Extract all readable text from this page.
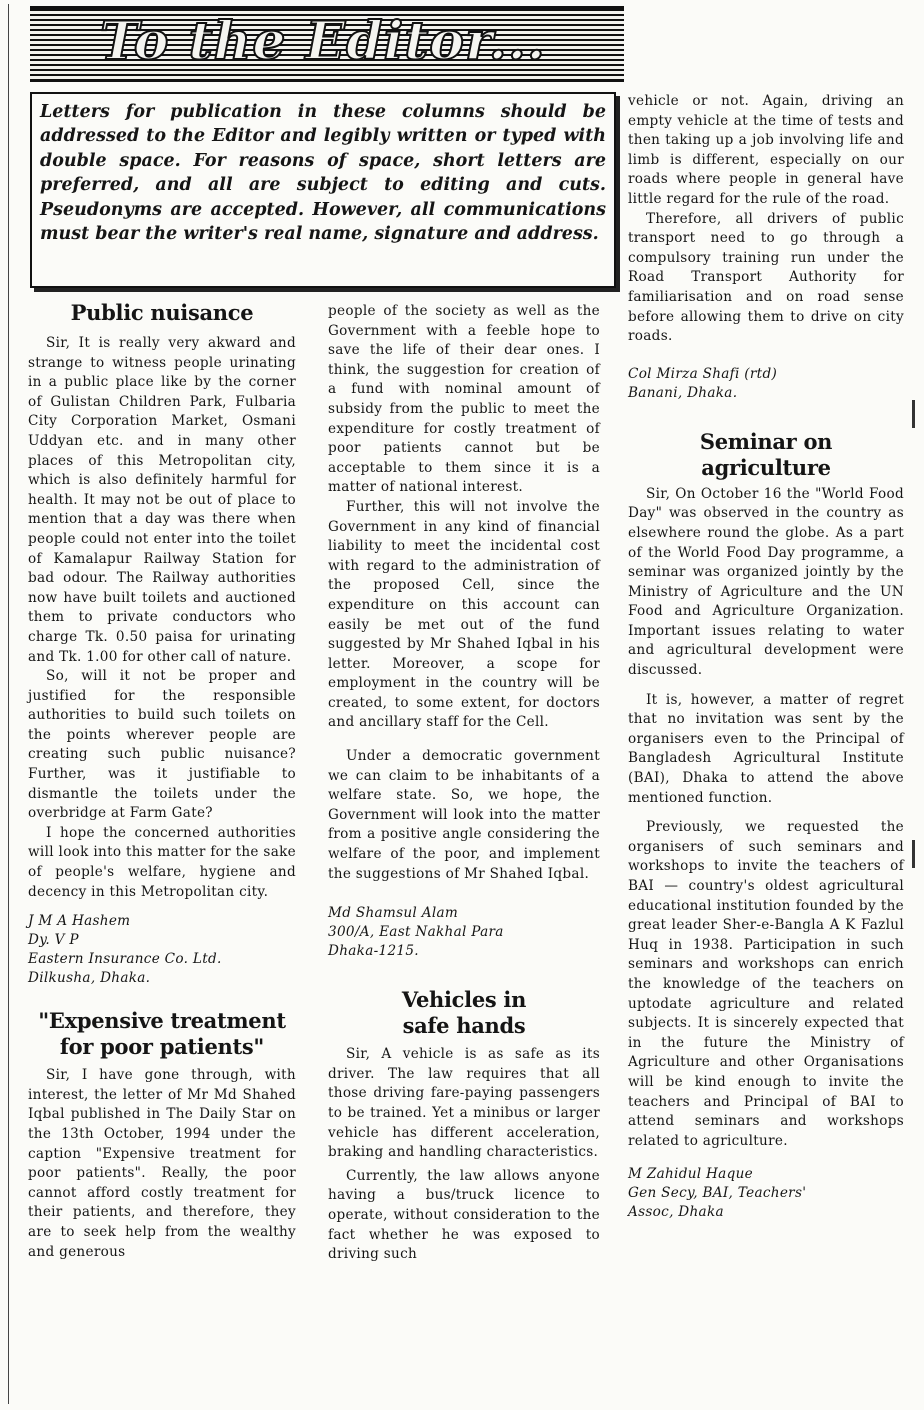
To the Editor...
Letters for publication in these columns should be addressed to the Editor and legibly written or typed with double space. For reasons of space, short letters are preferred, and all are subject to editing and cuts. Pseudonyms are accepted. However, all communications must bear the writer's real name, signature and address.
Public nuisance

Sir, It is really very akward and strange to witness people urinating in a public place like by the corner of Gulistan Children Park, Fulbaria City Corporation Market, Osmani Uddyan etc. and in many other places of this Metropolitan city, which is also definitely harmful for health. It may not be out of place to mention that a day was there when people could not enter into the toilet of Kamalapur Railway Station for bad odour. The Railway authorities now have built toilets and auctioned them to private conductors who charge Tk. 0.50 paisa for urinating and Tk. 1.00 for other call of nature.

So, will it not be proper and justified for the responsible authorities to build such toilets on the points wherever people are creating such public nuisance? Further, was it justifiable to dismantle the toilets under the overbridge at Farm Gate?

I hope the concerned authorities will look into this matter for the sake of people's welfare, hygiene and decency in this Metropolitan city.

J M A Hashem
Dy. V P
Eastern Insurance Co. Ltd.
Dilkusha, Dhaka.
"Expensive treatment for poor patients"

Sir, I have gone through, with interest, the letter of Mr Md Shahed Iqbal published in The Daily Star on the 13th October, 1994 under the caption "Expensive treatment for poor patients". Really, the poor cannot afford costly treatment for their patients, and therefore, they are to seek help from the wealthy and generous

people of the society as well as the Government with a feeble hope to save the life of their dear ones. I think, the suggestion for creation of a fund with nominal amount of subsidy from the public to meet the expenditure for costly treatment of poor patients cannot but be acceptable to them since it is a matter of national interest.

Further, this will not involve the Government in any kind of financial liability to meet the incidental cost with regard to the administration of the proposed Cell, since the expenditure on this account can easily be met out of the fund suggested by Mr Shahed Iqbal in his letter. Moreover, a scope for employment in the country will be created, to some extent, for doctors and ancillary staff for the Cell.

Under a democratic government we can claim to be inhabitants of a welfare state. So, we hope, the Government will look into the matter from a positive angle considering the welfare of the poor, and implement the suggestions of Mr Shahed Iqbal.

Md Shamsul Alam
300/A, East Nakhal Para
Dhaka-1215.
Vehicles in safe hands

Sir, A vehicle is as safe as its driver. The law requires that all those driving fare-paying passengers to be trained. Yet a minibus or larger vehicle has different acceleration, braking and handling characteristics.

Currently, the law allows anyone having a bus/truck licence to operate, without consideration to the fact whether he was exposed to driving such

vehicle or not. Again, driving an empty vehicle at the time of tests and then taking up a job involving life and limb is different, especially on our roads where people in general have little regard for the rule of the road.

Therefore, all drivers of public transport need to go through a compulsory training run under the Road Transport Authority for familiarisation and on road sense before allowing them to drive on city roads.

Col Mirza Shafi (rtd)
Banani, Dhaka.
Seminar on agriculture

Sir, On October 16 the "World Food Day" was observed in the country as elsewhere round the globe. As a part of the World Food Day programme, a seminar was organized jointly by the Ministry of Agriculture and the UN Food and Agriculture Organization. Important issues relating to water and agricultural development were discussed.

It is, however, a matter of regret that no invitation was sent by the organisers even to the Principal of Bangladesh Agricultural Institute (BAI), Dhaka to attend the above mentioned function.

Previously, we requested the organisers of such seminars and workshops to invite the teachers of BAI — country's oldest agricultural educational institution founded by the great leader Sher-e-Bangla A K Fazlul Huq in 1938. Participation in such seminars and workshops can enrich the knowledge of the teachers on uptodate agriculture and related subjects. It is sincerely expected that in the future the Ministry of Agriculture and other Organisations will be kind enough to invite the teachers and Principal of BAI to attend seminars and workshops related to agriculture.

M Zahidul Haque
Gen Secy, BAI, Teachers'
Assoc, Dhaka
